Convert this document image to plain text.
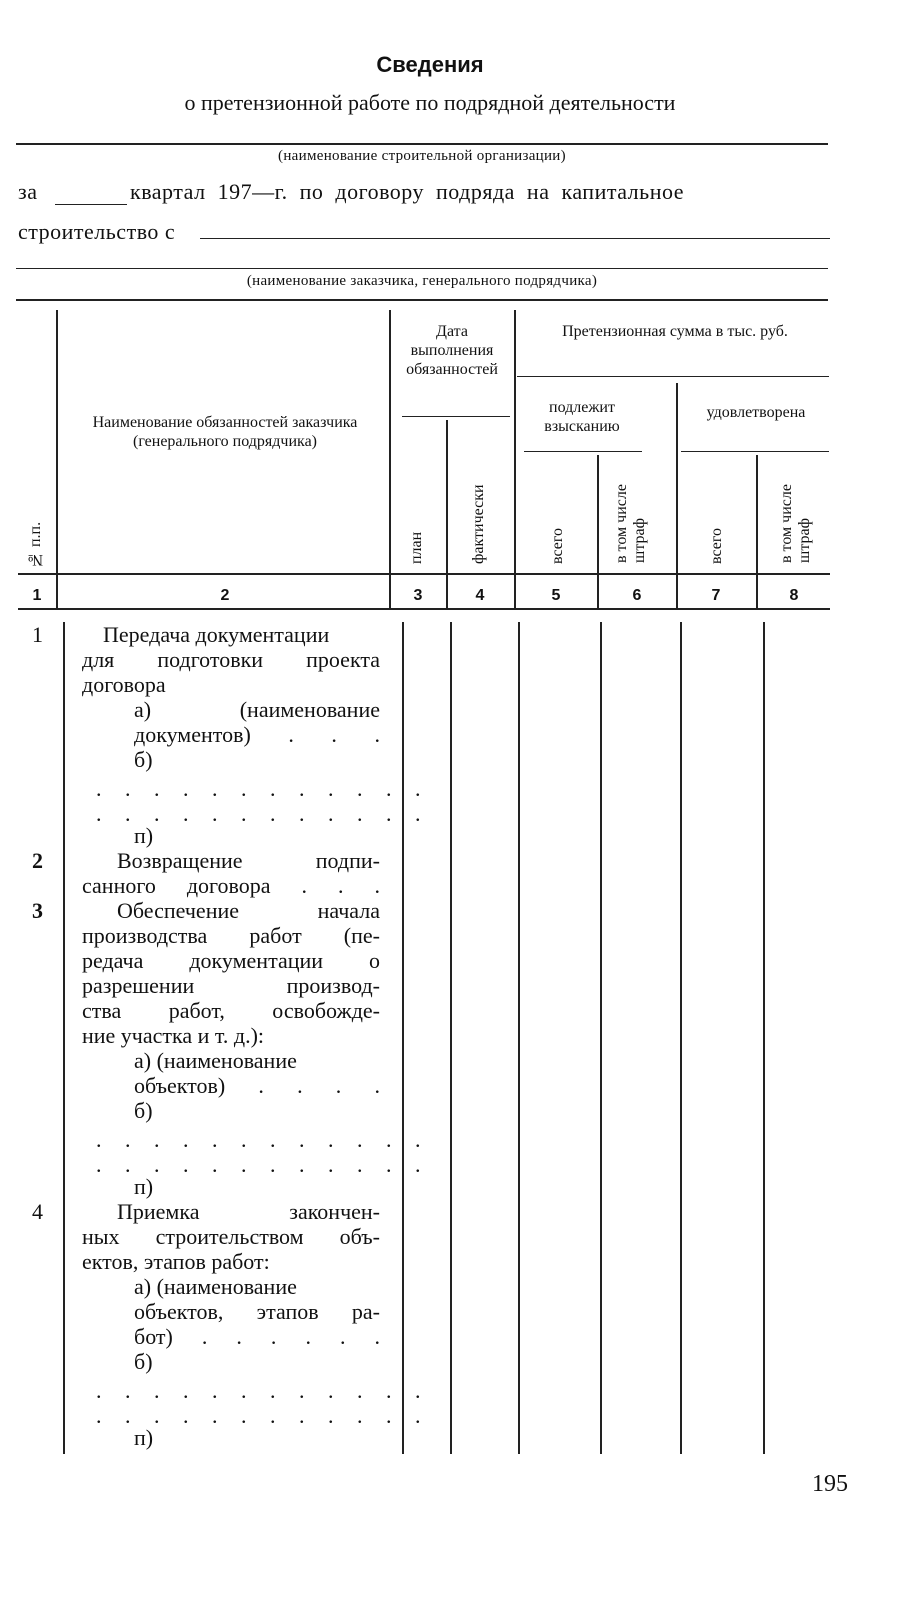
Сведения
о претензионной работе по подрядной деятельности
(наименование строительной организации)
за	квартал 197—г. по договору подряда на капитальное
строительство с
(наименование заказчика, генерального подрядчика)
№ п.п.
Наименование обязанностей заказчика (генерального подрядчика)
Дата выполнения обязанностей
план	фактически
Претензионная сумма в тыс. руб.
подлежит взысканию
удовлетворена
всего	в том числе штраф	всего	в том числе штраф
1	2	3	4	5	6	7	8
1	Передача документации
для подготовки проекта
договора
а) (наименование
документов) . . .
б)
. . . . . . . . . . . .
. . . . . . . . . . . .
п)
2	Возвращение подпи-
санного договора . . .
3	Обеспечение начала
производства работ (пе-
редача документации о
разрешении производ-
ства работ, освобожде-
ние участка и т. д.):
а) (наименование
объектов) . . . .
б)
. . . . . . . . . . . .
. . . . . . . . . . . .
п)
4	Приемка закончен-
ных строительством объ-
ектов, этапов работ:
а) (наименование
объектов, этапов ра-
бот) . . . . . .
б)
. . . . . . . . . . . .
. . . . . . . . . . . .
п)
195
